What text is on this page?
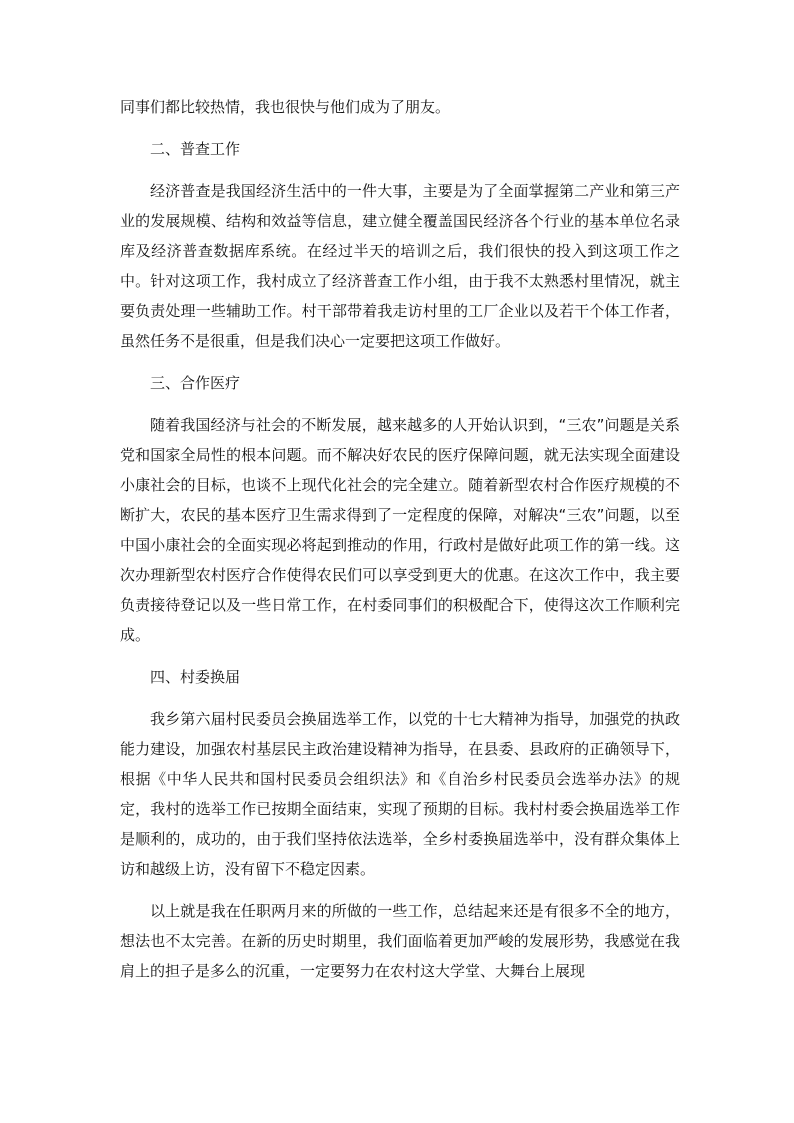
同事们都比较热情，我也很快与他们成为了朋友。

二、普查工作

经济普查是我国经济生活中的一件大事，主要是为了全面掌握第二产业和第三产业的发展规模、结构和效益等信息，建立健全覆盖国民经济各个行业的基本单位名录库及经济普查数据库系统。在经过半天的培训之后，我们很快的投入到这项工作之中。针对这项工作，我村成立了经济普查工作小组，由于我不太熟悉村里情况，就主要负责处理一些辅助工作。村干部带着我走访村里的工厂企业以及若干个体工作者，虽然任务不是很重，但是我们决心一定要把这项工作做好。

三、合作医疗

随着我国经济与社会的不断发展，越来越多的人开始认识到，“三农”问题是关系党和国家全局性的根本问题。而不解决好农民的医疗保障问题，就无法实现全面建设小康社会的目标，也谈不上现代化社会的完全建立。随着新型农村合作医疗规模的不断扩大，农民的基本医疗卫生需求得到了一定程度的保障，对解决“三农”问题，以至中国小康社会的全面实现必将起到推动的作用，行政村是做好此项工作的第一线。这次办理新型农村医疗合作使得农民们可以享受到更大的优惠。在这次工作中，我主要负责接待登记以及一些日常工作，在村委同事们的积极配合下，使得这次工作顺利完成。

四、村委换届

我乡第六届村民委员会换届选举工作，以党的十七大精神为指导，加强党的执政能力建设，加强农村基层民主政治建设精神为指导，在县委、县政府的正确领导下，根据《中华人民共和国村民委员会组织法》和《自治乡村民委员会选举办法》的规定，我村的选举工作已按期全面结束，实现了预期的目标。我村村委会换届选举工作是顺利的，成功的，由于我们坚持依法选举，全乡村委换届选举中，没有群众集体上访和越级上访，没有留下不稳定因素。

以上就是我在任职两月来的所做的一些工作，总结起来还是有很多不全的地方，想法也不太完善。在新的历史时期里，我们面临着更加严峻的发展形势，我感觉在我肩上的担子是多么的沉重，一定要努力在农村这大学堂、大舞台上展现
